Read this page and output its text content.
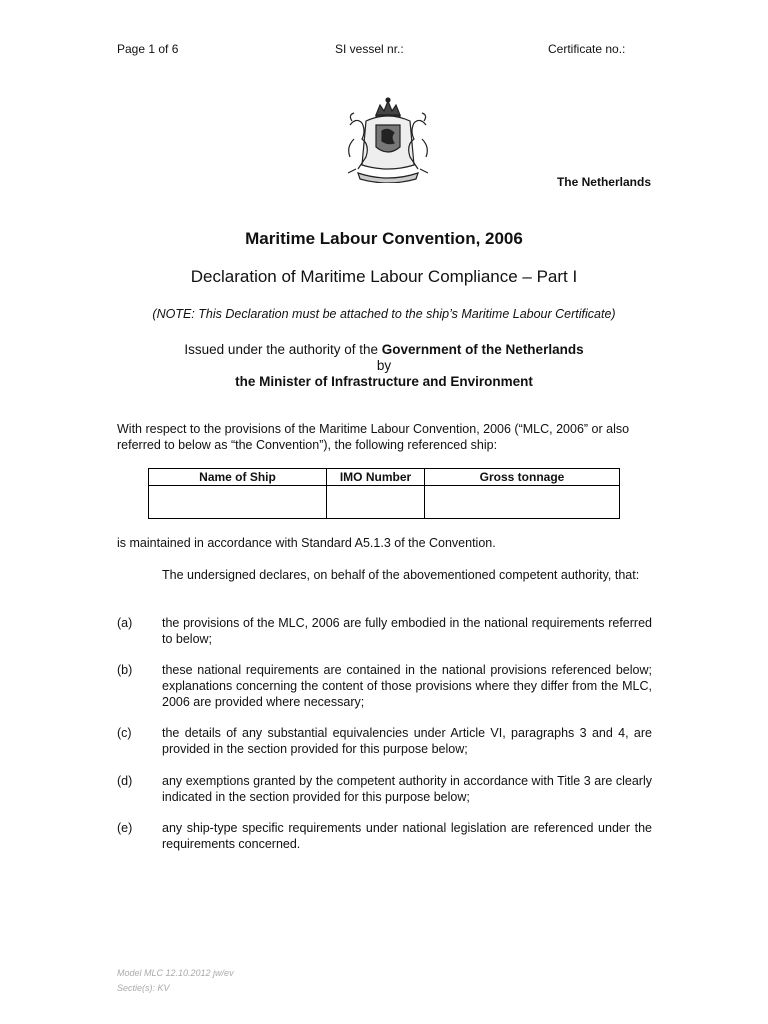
Page 1 of 6	SI vessel nr.:	Certificate no.:
The Netherlands
Maritime Labour Convention, 2006
Declaration of Maritime Labour Compliance – Part I
(NOTE: This Declaration must be attached to the ship’s Maritime Labour Certificate)
Issued under the authority of the Government of the Netherlands
by
the Minister of Infrastructure and Environment
With respect to the provisions of the Maritime Labour Convention, 2006 (“MLC, 2006” or also referred to below as “the Convention”), the following referenced ship:
Name of Ship	IMO Number	Gross tonnage

is maintained in accordance with Standard A5.1.3 of the Convention.
The undersigned declares, on behalf of the abovementioned competent authority, that:
(a) the provisions of the MLC, 2006 are fully embodied in the national requirements referred to below;
(b) these national requirements are contained in the national provisions referenced below; explanations concerning the content of those provisions where they differ from the MLC, 2006 are provided where necessary;
(c) the details of any substantial equivalencies under Article VI, paragraphs 3 and 4, are provided in the section provided for this purpose below;
(d) any exemptions granted by the competent authority in accordance with Title 3 are clearly indicated in the section provided for this purpose below;
(e) any ship-type specific requirements under national legislation are referenced under the requirements concerned.
Model MLC 12.10.2012 jw/ev
Sectie(s): KV
